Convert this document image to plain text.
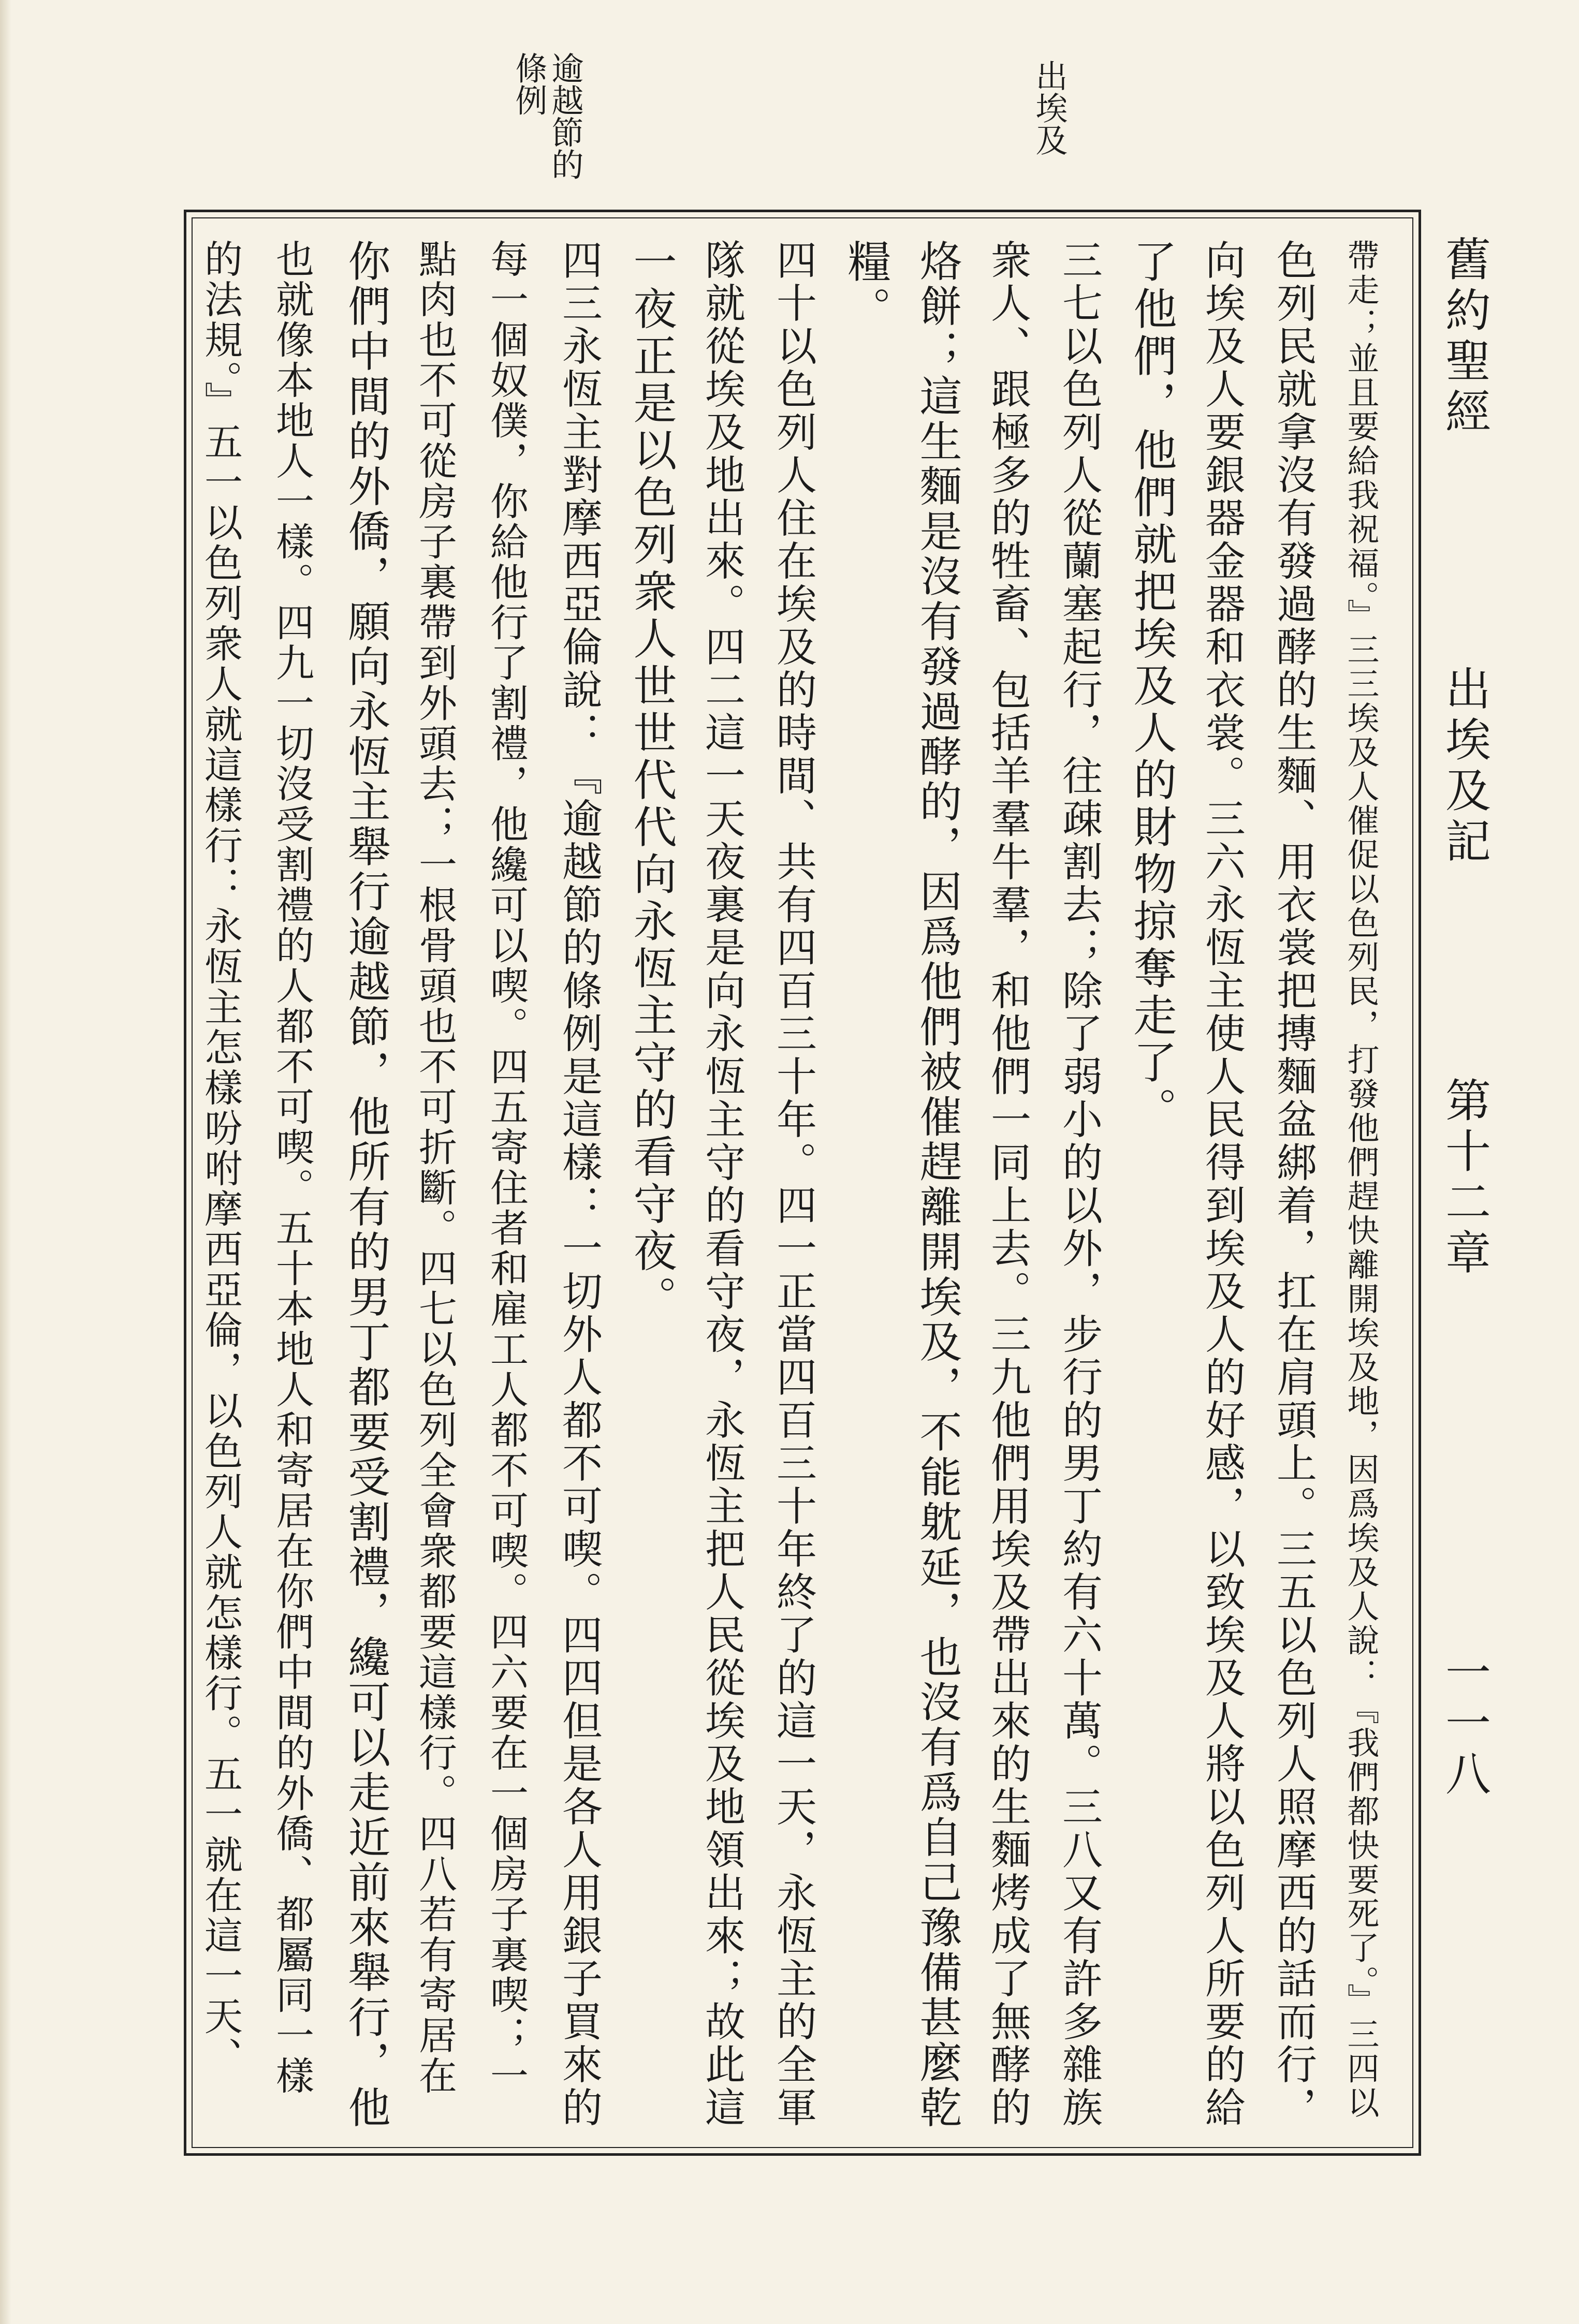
舊約聖經
出埃及記
第十二章
一一八
出埃及
逾越節的
條例
帶走；並且要給我祝福。』三三埃及人催促以色列民，打發他們趕快離開埃及地，因爲埃及人說：『我們都快要死了。』三四以
色列民就拿沒有發過酵的生麵、用衣裳把摶麵盆綁着，扛在肩頭上。三五以色列人照摩西的話而行，
向埃及人要銀器金器和衣裳。三六永恆主使人民得到埃及人的好感，以致埃及人將以色列人所要的給
了他們，他們就把埃及人的財物掠奪走了。
三七以色列人從蘭塞起行，往疎割去；除了弱小的以外，步行的男丁約有六十萬。三八又有許多雜族
衆人、跟極多的牲畜、包括羊羣牛羣，和他們一同上去。三九他們用埃及帶出來的生麵烤成了無酵的
烙餅；這生麵是沒有發過酵的，因爲他們被催趕離開埃及，不能躭延，也沒有爲自己豫備甚麼乾
糧。
四十以色列人住在埃及的時間、共有四百三十年。四一正當四百三十年終了的這一天，永恆主的全軍
隊就從埃及地出來。四二這一天夜裏是向永恆主守的看守夜，永恆主把人民從埃及地領出來；故此這
一夜正是以色列衆人世世代代向永恆主守的看守夜。
四三永恆主對摩西亞倫說：『逾越節的條例是這樣：一切外人都不可喫。四四但是各人用銀子買來的
每一個奴僕，你給他行了割禮，他纔可以喫。四五寄住者和雇工人都不可喫。四六要在一個房子裏喫；一
點肉也不可從房子裏帶到外頭去；一根骨頭也不可折斷。四七以色列全會衆都要這樣行。四八若有寄居在
你們中間的外僑，願向永恆主舉行逾越節，他所有的男丁都要受割禮，纔可以走近前來舉行，他
也就像本地人一樣。四九一切沒受割禮的人都不可喫。五十本地人和寄居在你們中間的外僑、都屬同一樣
的法規。』五一以色列衆人就這樣行：永恆主怎樣吩咐摩西亞倫，以色列人就怎樣行。五一就在這一天、
